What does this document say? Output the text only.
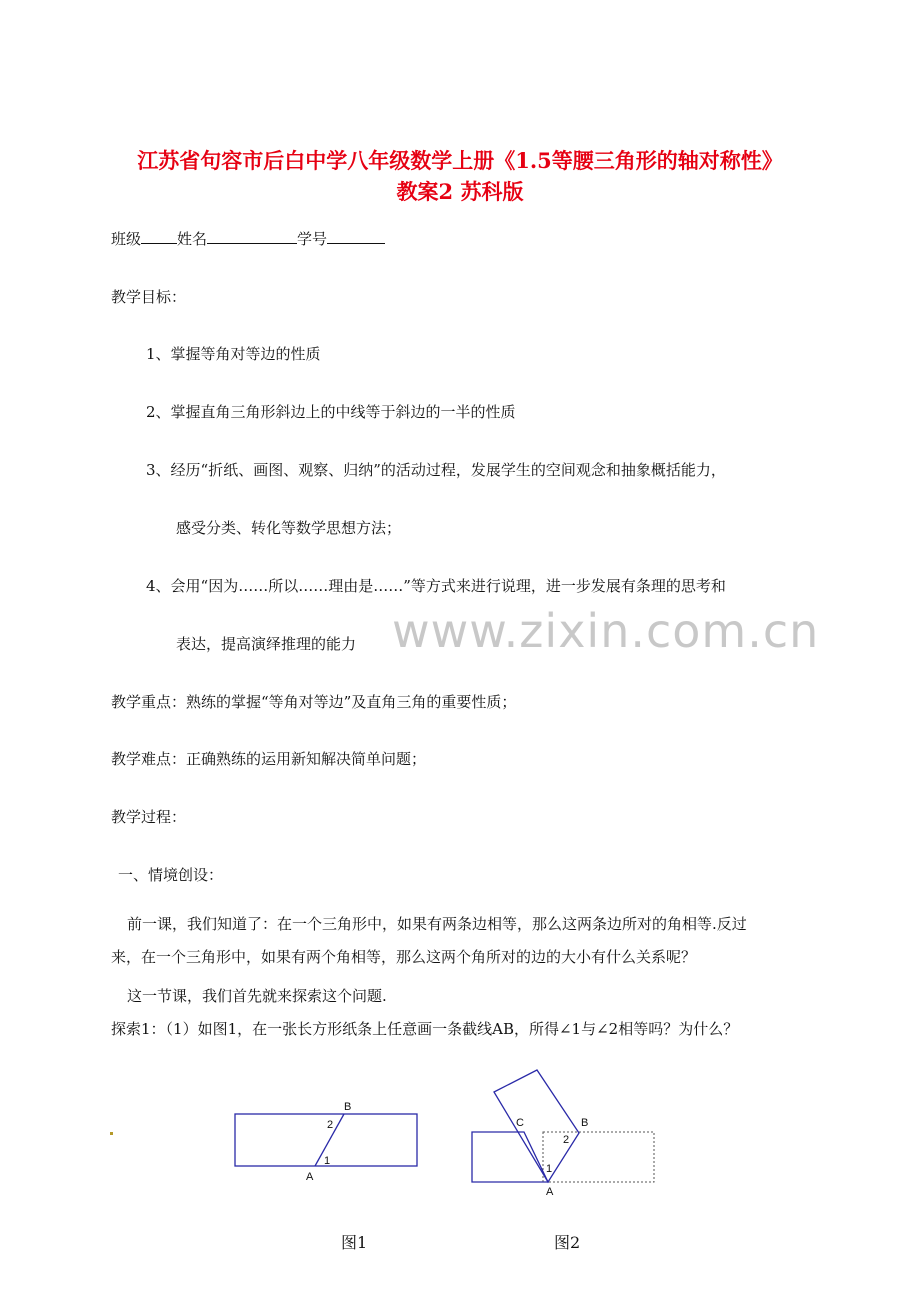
江苏省句容市后白中学八年级数学上册《1.5等腰三角形的轴对称性》
教案2 苏科版
班级 姓名	学号
教学目标：
1、掌握等角对等边的性质
2、掌握直角三角形斜边上的中线等于斜边的一半的性质
3、经历“折纸、画图、观察、归纳”的活动过程，发展学生的空间观念和抽象概括能力，
感受分类、转化等数学思想方法；
4、会用“因为……所以……理由是……”等方式来进行说理，进一步发展有条理的思考和
表达，提高演绎推理的能力 www.zixin.com.cn
教学重点：熟练的掌握“等角对等边”及直角三角的重要性质；
教学难点：正确熟练的运用新知解决简单问题；
教学过程：
一、情境创设：
前一课，我们知道了：在一个三角形中，如果有两条边相等，那么这两条边所对的角相等.反过
来，在一个三角形中，如果有两个角相等，那么这两个角所对的边的大小有什么关系呢？
这一节课，我们首先就来探索这个问题.
探索1：（1）如图1，在一张长方形纸条上任意画一条截线AB，所得∠1与∠2相等吗？为什么？
B
2
1
A
C	B
2
1
A
图1	图2
